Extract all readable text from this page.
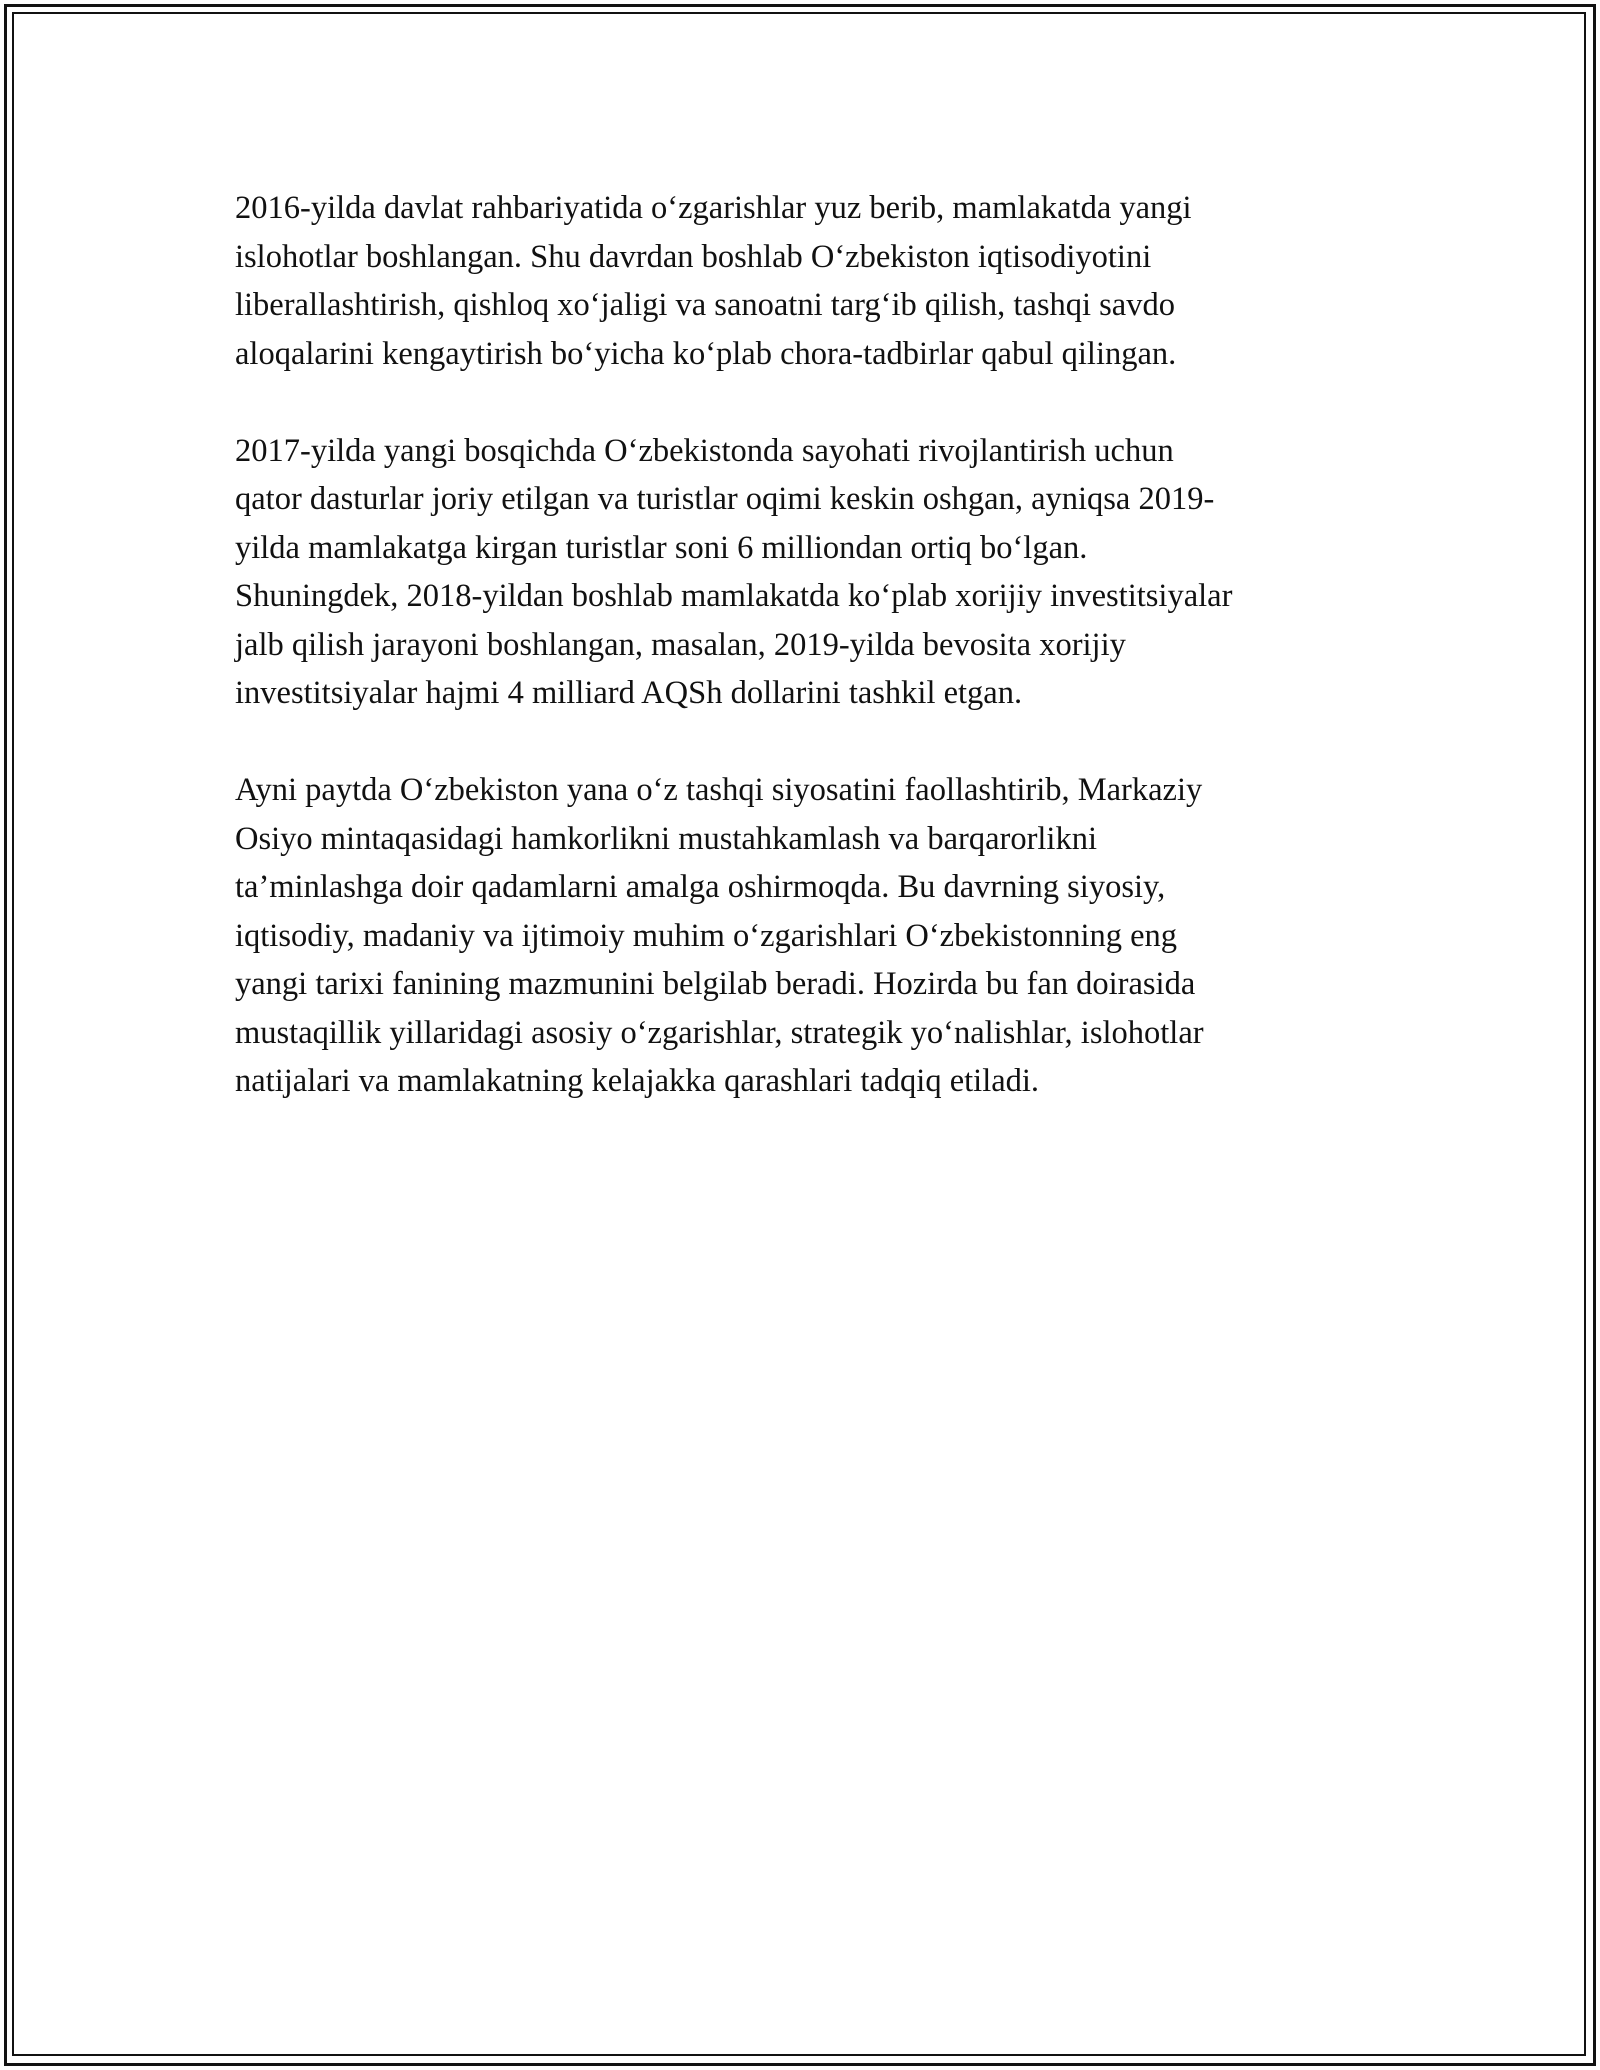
2016-yilda davlat rahbariyatida o‘zgarishlar yuz berib, mamlakatda yangi
islohotlar boshlangan. Shu davrdan boshlab O‘zbekiston iqtisodiyotini
liberallashtirish, qishloq xo‘jaligi va sanoatni targ‘ib qilish, tashqi savdo
aloqalarini kengaytirish bo‘yicha ko‘plab chora-tadbirlar qabul qilingan.

2017-yilda yangi bosqichda O‘zbekistonda sayohati rivojlantirish uchun
qator dasturlar joriy etilgan va turistlar oqimi keskin oshgan, ayniqsa 2019-
yilda mamlakatga kirgan turistlar soni 6 milliondan ortiq bo‘lgan.
Shuningdek, 2018-yildan boshlab mamlakatda ko‘plab xorijiy investitsiyalar
jalb qilish jarayoni boshlangan, masalan, 2019-yilda bevosita xorijiy
investitsiyalar hajmi 4 milliard AQSh dollarini tashkil etgan.

Ayni paytda O‘zbekiston yana o‘z tashqi siyosatini faollashtirib, Markaziy
Osiyo mintaqasidagi hamkorlikni mustahkamlash va barqarorlikni
ta’minlashga doir qadamlarni amalga oshirmoqda. Bu davrning siyosiy,
iqtisodiy, madaniy va ijtimoiy muhim o‘zgarishlari O‘zbekistonning eng
yangi tarixi fanining mazmunini belgilab beradi. Hozirda bu fan doirasida
mustaqillik yillaridagi asosiy o‘zgarishlar, strategik yo‘nalishlar, islohotlar
natijalari va mamlakatning kelajakka qarashlari tadqiq etiladi.
